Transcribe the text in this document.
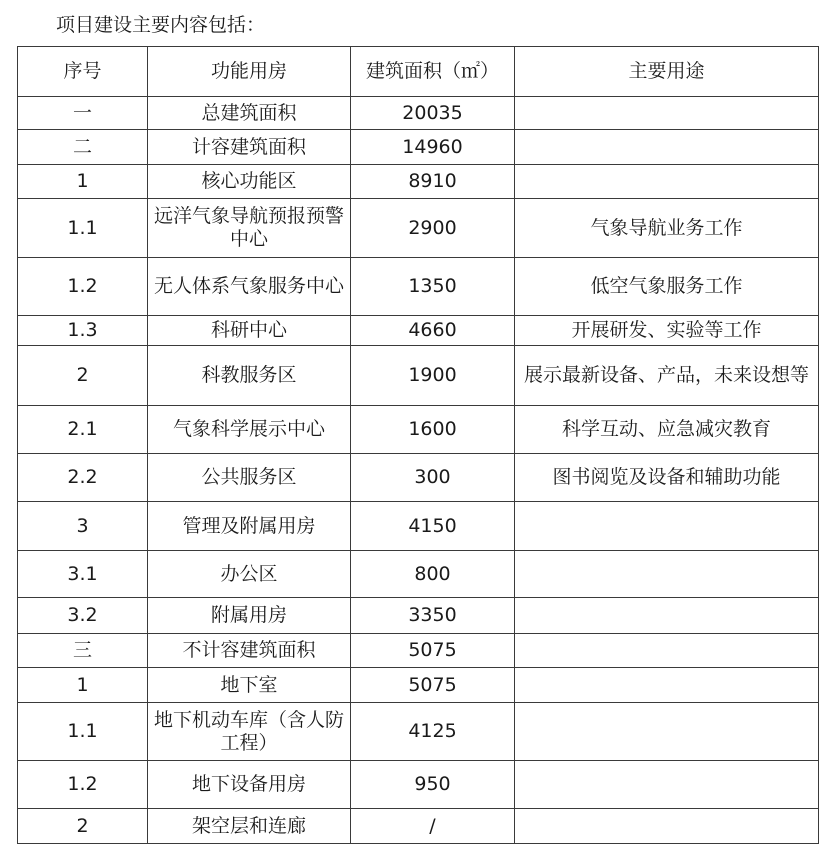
项目建设主要内容包括：
序号	功能用房	建筑面积（㎡）	主要用途
一	总建筑面积	20035	
二	计容建筑面积	14960	
1	核心功能区	8910	
1.1	远洋气象导航预报预警中心	2900	气象导航业务工作
1.2	无人体系气象服务中心	1350	低空气象服务工作
1.3	科研中心	4660	开展研发、实验等工作
2	科教服务区	1900	展示最新设备、产品，未来设想等
2.1	气象科学展示中心	1600	科学互动、应急减灾教育
2.2	公共服务区	300	图书阅览及设备和辅助功能
3	管理及附属用房	4150	
3.1	办公区	800	
3.2	附属用房	3350	
三	不计容建筑面积	5075	
1	地下室	5075	
1.1	地下机动车库（含人防工程）	4125	
1.2	地下设备用房	950	
2	架空层和连廊	/	
